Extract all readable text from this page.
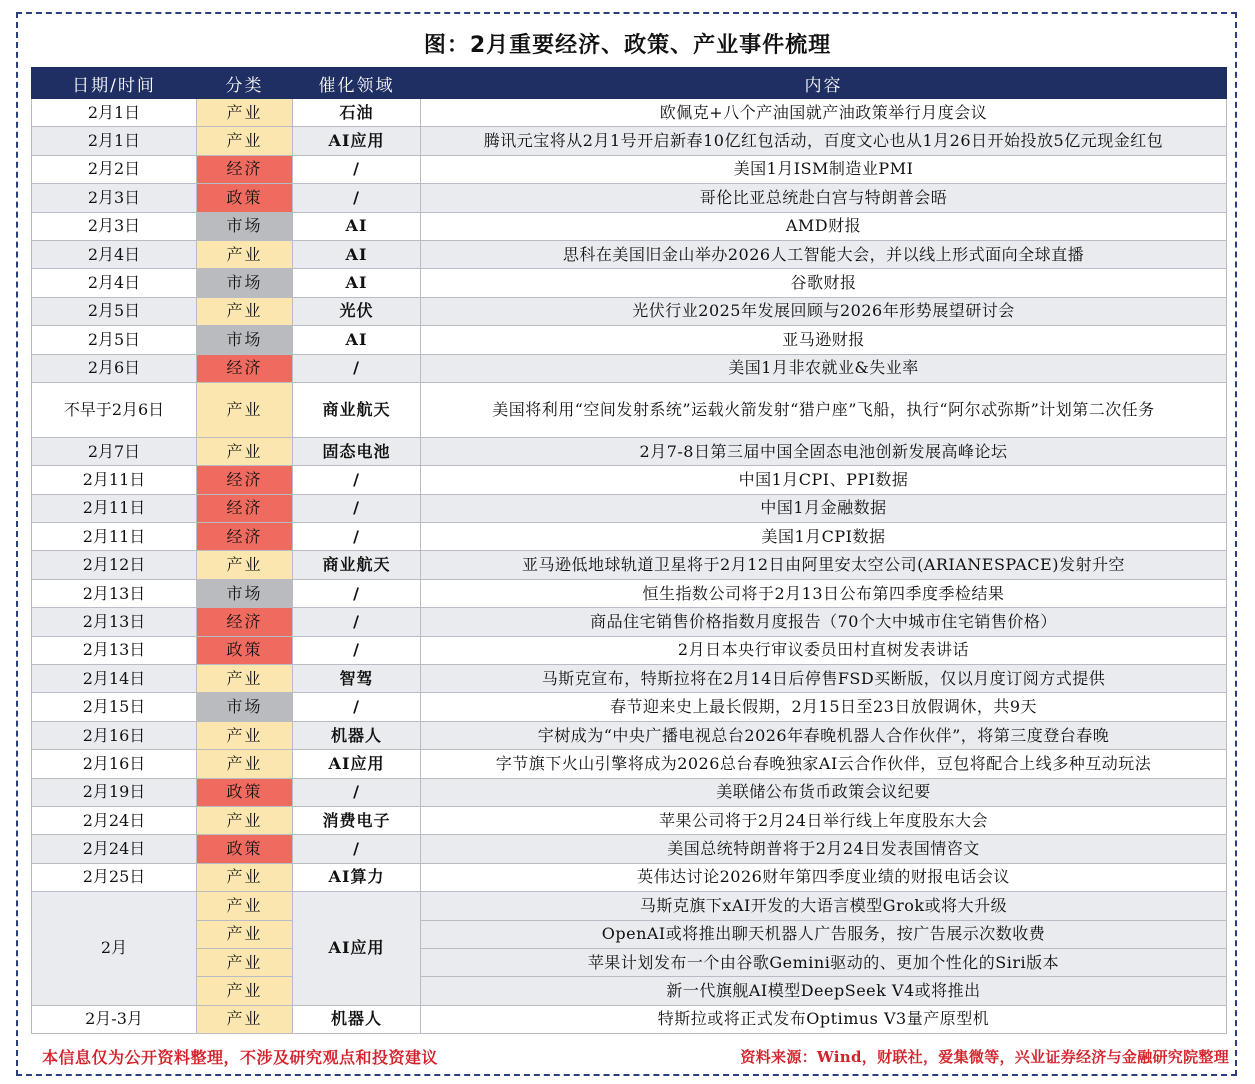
图：2月重要经济、政策、产业事件梳理
日期/时间	分类	催化领域	内容
2月1日	产业	石油	欧佩克+八个产油国就产油政策举行月度会议
2月1日	产业	AI应用	腾讯元宝将从2月1号开启新春10亿红包活动，百度文心也从1月26日开始投放5亿元现金红包
2月2日	经济	/	美国1月ISM制造业PMI
2月3日	政策	/	哥伦比亚总统赴白宫与特朗普会晤
2月3日	市场	AI	AMD财报
2月4日	产业	AI	思科在美国旧金山举办2026人工智能大会，并以线上形式面向全球直播
2月4日	市场	AI	谷歌财报
2月5日	产业	光伏	光伏行业2025年发展回顾与2026年形势展望研讨会
2月5日	市场	AI	亚马逊财报
2月6日	经济	/	美国1月非农就业&失业率
不早于2月6日	产业	商业航天	美国将利用“空间发射系统”运载火箭发射“猎户座”飞船，执行“阿尔忒弥斯”计划第二次任务
2月7日	产业	固态电池	2月7-8日第三届中国全固态电池创新发展高峰论坛
2月11日	经济	/	中国1月CPI、PPI数据
2月11日	经济	/	中国1月金融数据
2月11日	经济	/	美国1月CPI数据
2月12日	产业	商业航天	亚马逊低地球轨道卫星将于2月12日由阿里安太空公司(ARIANESPACE)发射升空
2月13日	市场	/	恒生指数公司将于2月13日公布第四季度季检结果
2月13日	经济	/	商品住宅销售价格指数月度报告（70个大中城市住宅销售价格）
2月13日	政策	/	2月日本央行审议委员田村直树发表讲话
2月14日	产业	智驾	马斯克宣布，特斯拉将在2月14日后停售FSD买断版，仅以月度订阅方式提供
2月15日	市场	/	春节迎来史上最长假期，2月15日至23日放假调休，共9天
2月16日	产业	机器人	宇树成为“中央广播电视总台2026年春晚机器人合作伙伴”，将第三度登台春晚
2月16日	产业	AI应用	字节旗下火山引擎将成为2026总台春晚独家AI云合作伙伴，豆包将配合上线多种互动玩法
2月19日	政策	/	美联储公布货币政策会议纪要
2月24日	产业	消费电子	苹果公司将于2月24日举行线上年度股东大会
2月24日	政策	/	美国总统特朗普将于2月24日发表国情咨文
2月25日	产业	AI算力	英伟达讨论2026财年第四季度业绩的财报电话会议
2月	产业	AI应用	马斯克旗下xAI开发的大语言模型Grok或将大升级
	产业		OpenAI或将推出聊天机器人广告服务，按广告展示次数收费
	产业		苹果计划发布一个由谷歌Gemini驱动的、更加个性化的Siri版本
	产业		新一代旗舰AI模型DeepSeek V4或将推出
2月-3月	产业	机器人	特斯拉或将正式发布Optimus V3量产原型机
本信息仅为公开资料整理，不涉及研究观点和投资建议	资料来源：Wind，财联社，爱集微等，兴业证券经济与金融研究院整理
